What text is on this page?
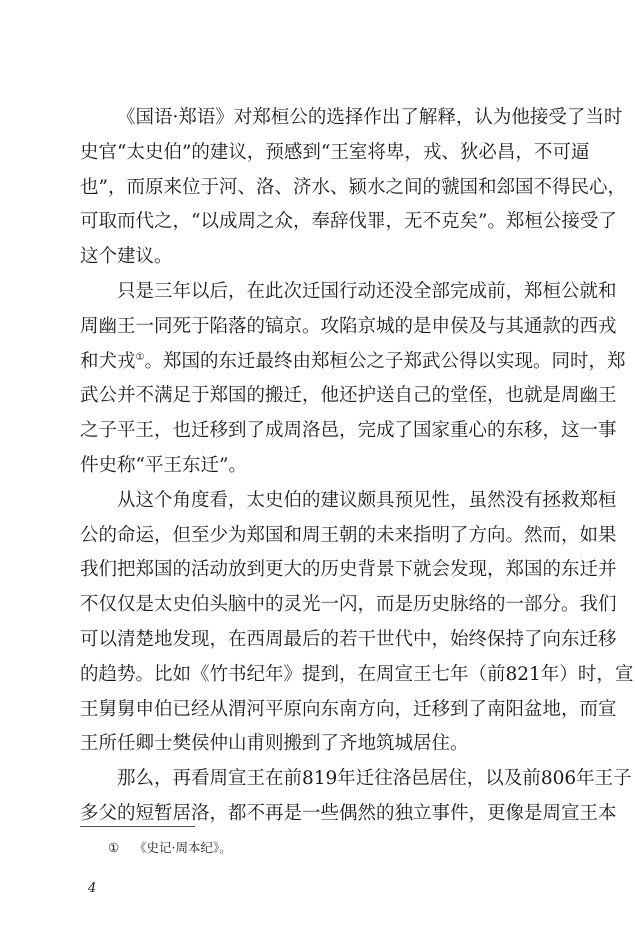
《国语·郑语》对郑桓公的选择作出了解释，认为他接受了当时
史官“太史伯”的建议，预感到“王室将卑，戎、狄必昌，不可逼
也”，而原来位于河、洛、济水、颍水之间的虢国和郐国不得民心，
可取而代之，“以成周之众，奉辞伐罪，无不克矣”。郑桓公接受了
这个建议。
只是三年以后，在此次迁国行动还没全部完成前，郑桓公就和
周幽王一同死于陷落的镐京。攻陷京城的是申侯及与其通款的西戎
和犬戎①。郑国的东迁最终由郑桓公之子郑武公得以实现。同时，郑
武公并不满足于郑国的搬迁，他还护送自己的堂侄，也就是周幽王
之子平王，也迁移到了成周洛邑，完成了国家重心的东移，这一事
件史称“平王东迁”。
从这个角度看，太史伯的建议颇具预见性，虽然没有拯救郑桓
公的命运，但至少为郑国和周王朝的未来指明了方向。然而，如果
我们把郑国的活动放到更大的历史背景下就会发现，郑国的东迁并
不仅仅是太史伯头脑中的灵光一闪，而是历史脉络的一部分。我们
可以清楚地发现，在西周最后的若干世代中，始终保持了向东迁移
的趋势。比如《竹书纪年》提到，在周宣王七年（前821年）时，宣
王舅舅申伯已经从渭河平原向东南方向，迁移到了南阳盆地，而宣
王所任卿士樊侯仲山甫则搬到了齐地筑城居住。
那么，再看周宣王在前819年迁往洛邑居住，以及前806年王子
多父的短暂居洛，都不再是一些偶然的独立事件，更像是周宣王本
① 《史记·周本纪》。
4
